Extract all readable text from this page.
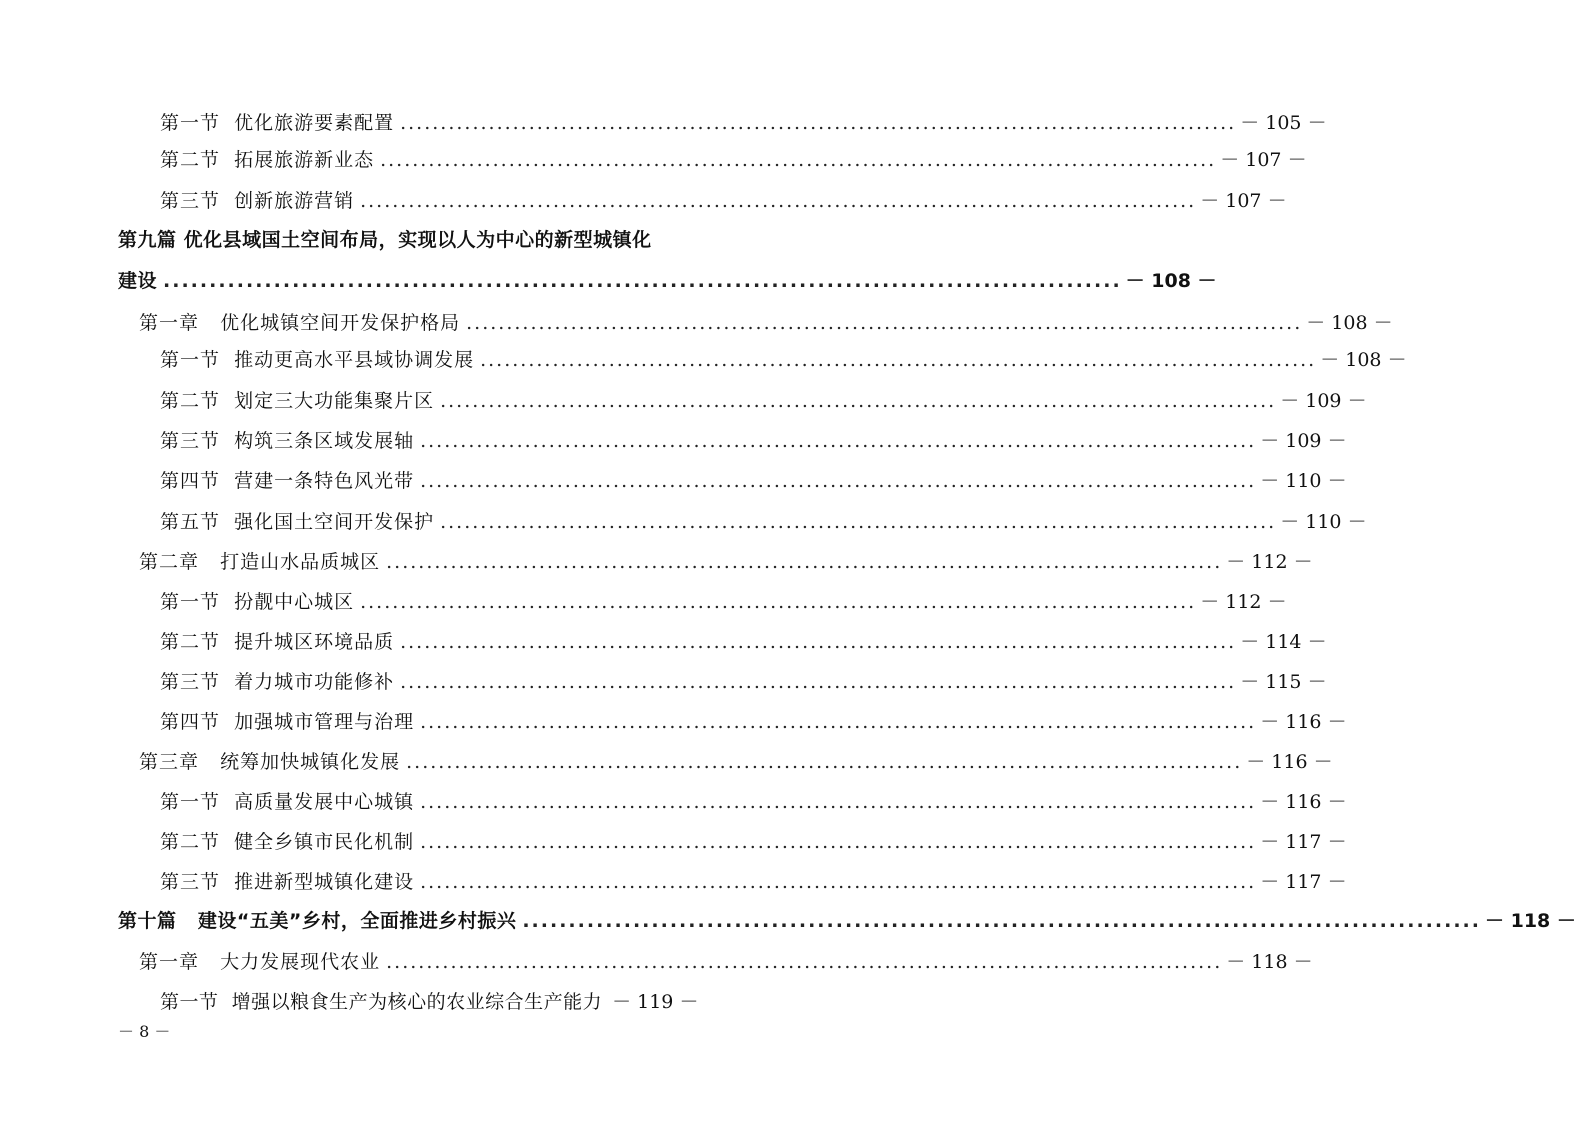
第一节  优化旅游要素配置 ........................................................................................................ － 105 －
第二节  拓展旅游新业态 ........................................................................................................ － 107 －
第三节  创新旅游营销 ........................................................................................................ － 107 －
第九篇 优化县域国土空间布局，实现以人为中心的新型城镇化
建设 ........................................................................................................ － 108 －
第一章   优化城镇空间开发保护格局 ........................................................................................................ － 108 －
第一节  推动更高水平县域协调发展 ........................................................................................................ － 108 －
第二节  划定三大功能集聚片区 ........................................................................................................ － 109 －
第三节  构筑三条区域发展轴 ........................................................................................................ － 109 －
第四节  营建一条特色风光带 ........................................................................................................ － 110 －
第五节  强化国土空间开发保护 ........................................................................................................ － 110 －
第二章   打造山水品质城区 ........................................................................................................ － 112 －
第一节  扮靓中心城区 ........................................................................................................ － 112 －
第二节  提升城区环境品质 ........................................................................................................ － 114 －
第三节  着力城市功能修补 ........................................................................................................ － 115 －
第四节  加强城市管理与治理 ........................................................................................................ － 116 －
第三章   统筹加快城镇化发展 ........................................................................................................ － 116 －
第一节  高质量发展中心城镇 ........................................................................................................ － 116 －
第二节  健全乡镇市民化机制 ........................................................................................................ － 117 －
第三节  推进新型城镇化建设 ........................................................................................................ － 117 －
第十篇   建设“五美”乡村，全面推进乡村振兴 ........................................................................................................ － 118 －
第一章   大力发展现代农业 ........................................................................................................ － 118 －
第一节  增强以粮食生产为核心的农业综合生产能力 － 119 －
－ 8 －
